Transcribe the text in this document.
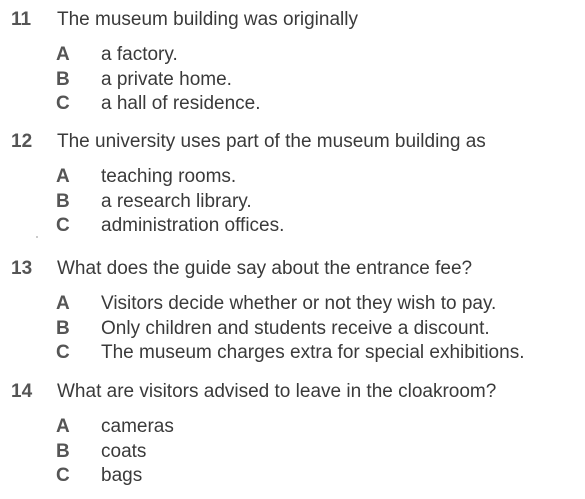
11 The museum building was originally
A a factory.
B a private home.
C a hall of residence.
12 The university uses part of the museum building as
A teaching rooms.
B a research library.
C administration offices.
13 What does the guide say about the entrance fee?
A Visitors decide whether or not they wish to pay.
B Only children and students receive a discount.
C The museum charges extra for special exhibitions.
14 What are visitors advised to leave in the cloakroom?
A cameras
B coats
C bags
